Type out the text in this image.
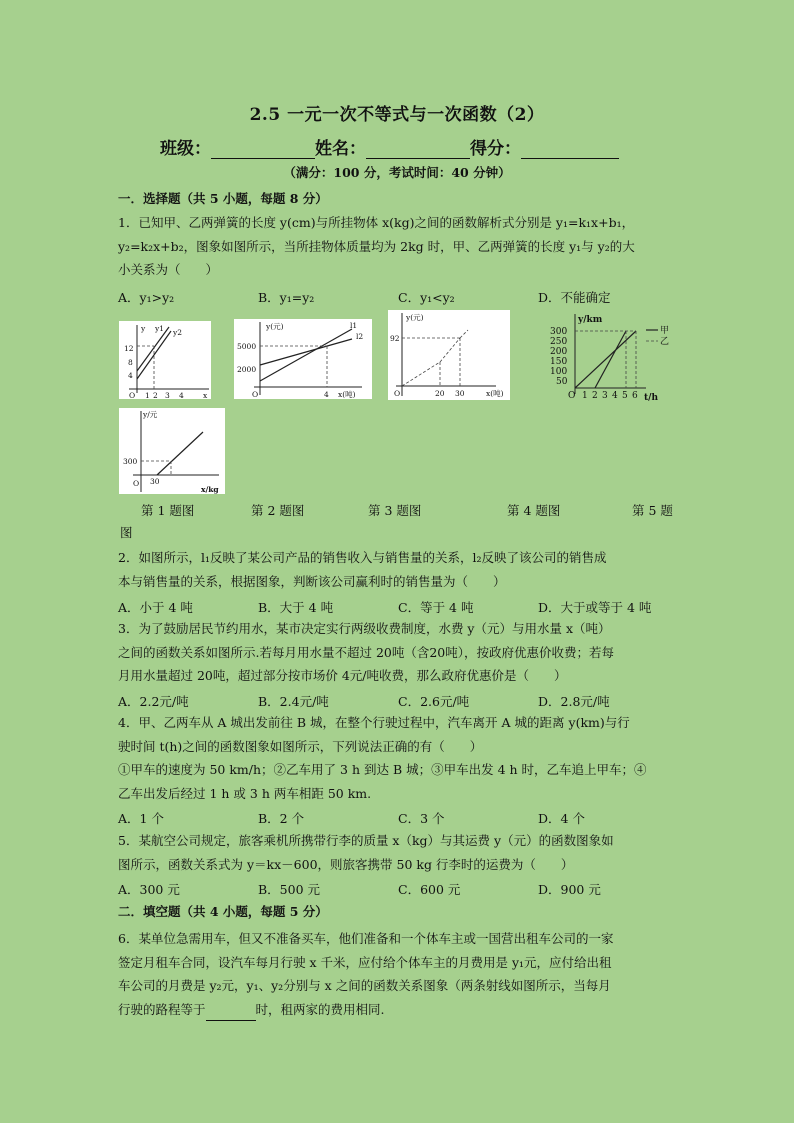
2.5 一元一次不等式与一次函数（2）
班级：	姓名：	得分：
（满分：100 分，考试时间：40 分钟）
一．选择题（共 5 小题，每题 8 分）
1．已知甲、乙两弹簧的长度 y(cm)与所挂物体 x(kg)之间的函数解析式分别是 y₁=k₁x+b₁，
y₂=k₂x+b₂，图象如图所示，当所挂物体质量均为 2kg 时，甲、乙两弹簧的长度 y₁与 y₂的大
小关系为（　　）
A．y₁>y₂	B．y₁=y₂	C．y₁<y₂	D．不能确定
y y1 y2
12
8
4
O 1 2 3 4	x
y(元)	l1
l2
5000
2000
O	4 x(吨)
y(元)
92
O	20 30	x(吨)
甲
乙
y/km
300
250
200
150
100
50
O 1 2 3 4 5 6 t/h
y/元
300
O 30
x/kg
第 1 题图	第 2 题图	第 3 题图	第 4 题图	第 5 题
图
2．如图所示，l₁反映了某公司产品的销售收入与销售量的关系，l₂反映了该公司的销售成
本与销售量的关系，根据图象，判断该公司赢利时的销售量为（　　）
A．小于 4 吨	B．大于 4 吨	C．等于 4 吨	D．大于或等于 4 吨
3．为了鼓励居民节约用水，某市决定实行两级收费制度，水费 y（元）与用水量 x（吨）
之间的函数关系如图所示.若每月用水量不超过 20吨（含20吨），按政府优惠价收费；若每
月用水量超过 20吨，超过部分按市场价 4元/吨收费，那么政府优惠价是（　　）
A．2.2元/吨	B．2.4元/吨	C．2.6元/吨	D．2.8元/吨
4．甲、乙两车从 A 城出发前往 B 城，在整个行驶过程中，汽车离开 A 城的距离 y(km)与行
驶时间 t(h)之间的函数图象如图所示，下列说法正确的有（　　）
①甲车的速度为 50 km/h；②乙车用了 3 h 到达 B 城；③甲车出发 4 h 时，乙车追上甲车；④
乙车出发后经过 1 h 或 3 h 两车相距 50 km.
A．1 个	B．2 个	C．3 个	D．4 个
5．某航空公司规定，旅客乘机所携带行李的质量 x（kg）与其运费 y（元）的函数图象如
图所示，函数关系式为 y＝kx－600，则旅客携带 50 kg 行李时的运费为（　　）
A．300 元	B．500 元	C．600 元	D．900 元
二．填空题（共 4 小题，每题 5 分）
6．某单位急需用车，但又不准备买车，他们准备和一个体车主或一国营出租车公司的一家
签定月租车合同，设汽车每月行驶 x 千米，应付给个体车主的月费用是 y₁元，应付给出租
车公司的月费是 y₂元，y₁、y₂分别与 x 之间的函数关系图象（两条射线如图所示，当每月
行驶的路程等于	时，租两家的费用相同.
